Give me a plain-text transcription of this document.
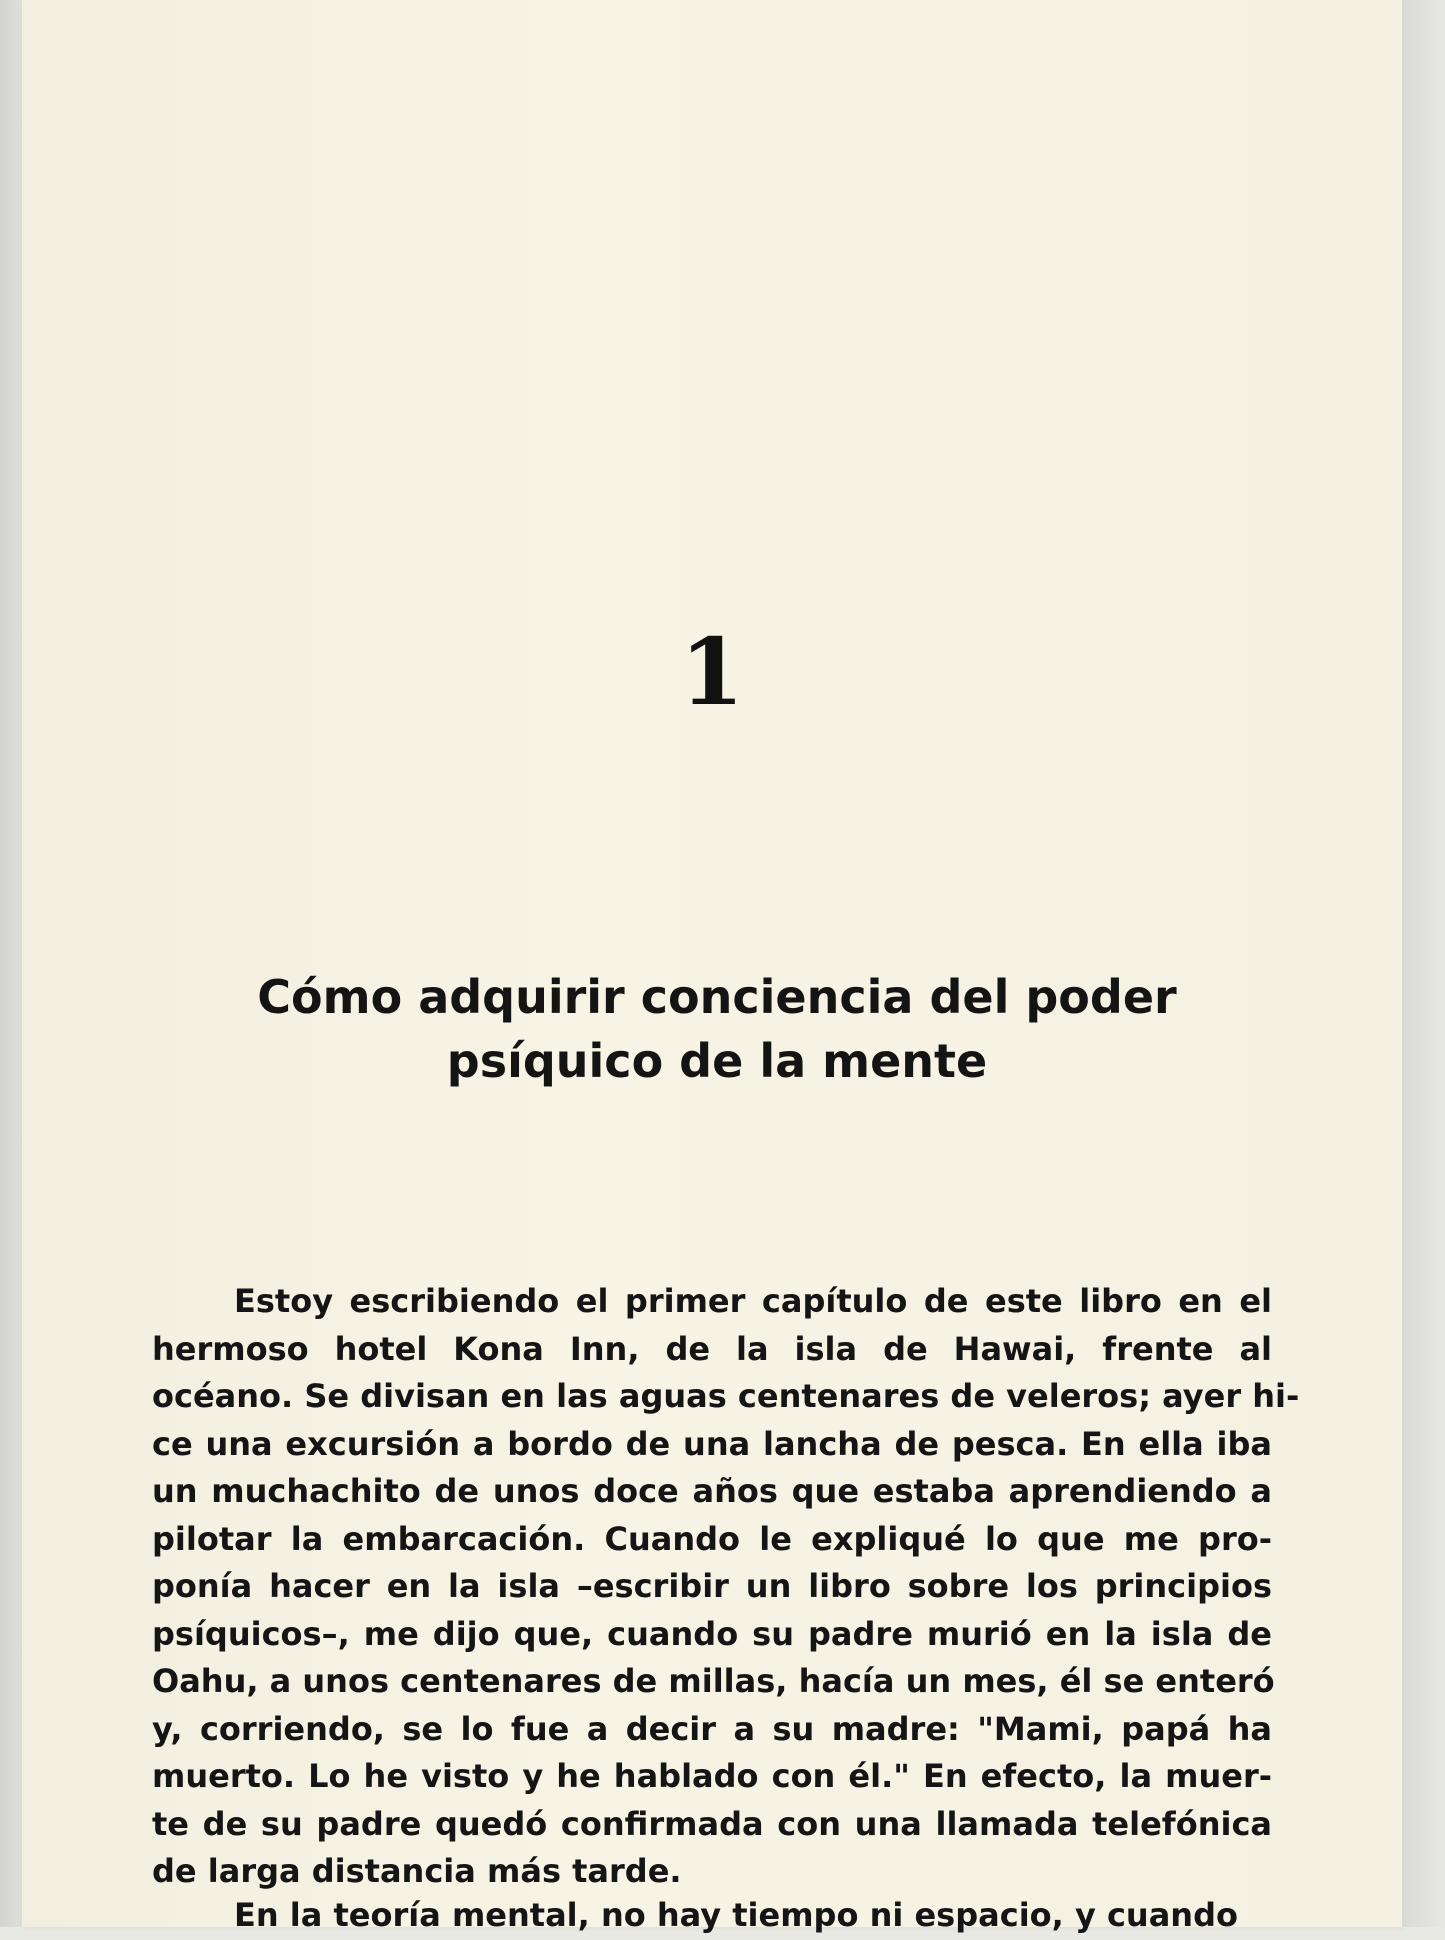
1
Cómo adquirir conciencia del poder
psíquico de la mente

Estoy escribiendo el primer capítulo de este libro en el
hermoso hotel Kona Inn, de la isla de Hawai, frente al
océano. Se divisan en las aguas centenares de veleros; ayer hi-
ce una excursión a bordo de una lancha de pesca. En ella iba
un muchachito de unos doce años que estaba aprendiendo a
pilotar la embarcación. Cuando le expliqué lo que me pro-
ponía hacer en la isla –escribir un libro sobre los principios
psíquicos–, me dijo que, cuando su padre murió en la isla de
Oahu, a unos centenares de millas, hacía un mes, él se enteró
y, corriendo, se lo fue a decir a su madre: "Mami, papá ha
muerto. Lo he visto y he hablado con él." En efecto, la muer-
te de su padre quedó confirmada con una llamada telefónica
de larga distancia más tarde.

En la teoría mental, no hay tiempo ni espacio, y cuando
